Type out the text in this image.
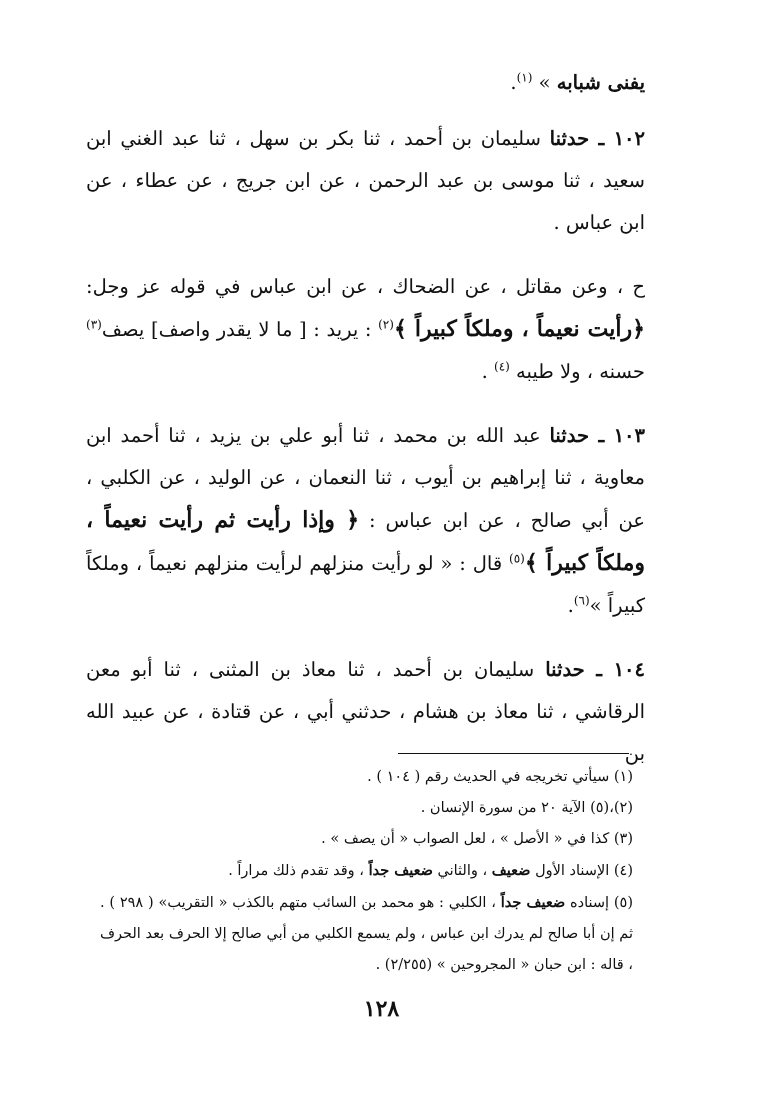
يفنى شبابه » $^{(١)}$.

١٠٢ ـ حدثنا سليمان بن أحمد ، ثنا بكر بن سهل ، ثنا عبد الغني ابن سعيد ، ثنا موسى بن عبد الرحمن ، عن ابن جريج ، عن عطاء ، عن ابن عباس .

ح ، وعن مقاتل ، عن الضحاك ، عن ابن عباس في قوله عز وجل: ﴿رأيت نعيماً ، وملكاً كبيراً ﴾$^{(٢)}$ : يريد : [ ما لا يقدر واصف] يصف$^{(٣)}$ حسنه ، ولا طيبه $^{(٤)}$ .

١٠٣ ـ حدثنا عبد الله بن محمد ، ثنا أبو علي بن يزيد ، ثنا أحمد ابن معاوية ، ثنا إبراهيم بن أيوب ، ثنا النعمان ، عن الوليد ، عن الكلبي ، عن أبي صالح ، عن ابن عباس : ﴿ وإذا رأيت ثم رأيت نعيماً ، وملكاً كبيراً ﴾$^{(٥)}$ قال : « لو رأيت منزلهم لرأيت منزلهم نعيماً ، وملكاً كبيراً »$^{(٦)}$.

١٠٤ ـ حدثنا سليمان بن أحمد ، ثنا معاذ بن المثنى ، ثنا أبو معن الرقاشي ، ثنا معاذ بن هشام ، حدثني أبي ، عن قتادة ، عن عبيد الله بن

(١) سيأتي تخريجه في الحديث رقم ( ١٠٤ ) .

(٢)،(٥) الآية ٢٠ من سورة الإنسان .

(٣) كذا في « الأصل » ، لعل الصواب « أن يصف » .

(٤) الإسناد الأول ضعيف ، والثاني ضعيف جداً ، وقد تقدم ذلك مراراً .

(٥) إسناده ضعيف جداً ، الكلبي : هو محمد بن السائب متهم بالكذب « التقريب» ( ٢٩٨ ) . ثم إن أبا صالح لم يدرك ابن عباس ، ولم يسمع الكلبي من أبي صالح إلا الحرف بعد الحرف ، قاله : ابن حبان « المجروحين » (٢/٢٥٥) .

١٢٨
